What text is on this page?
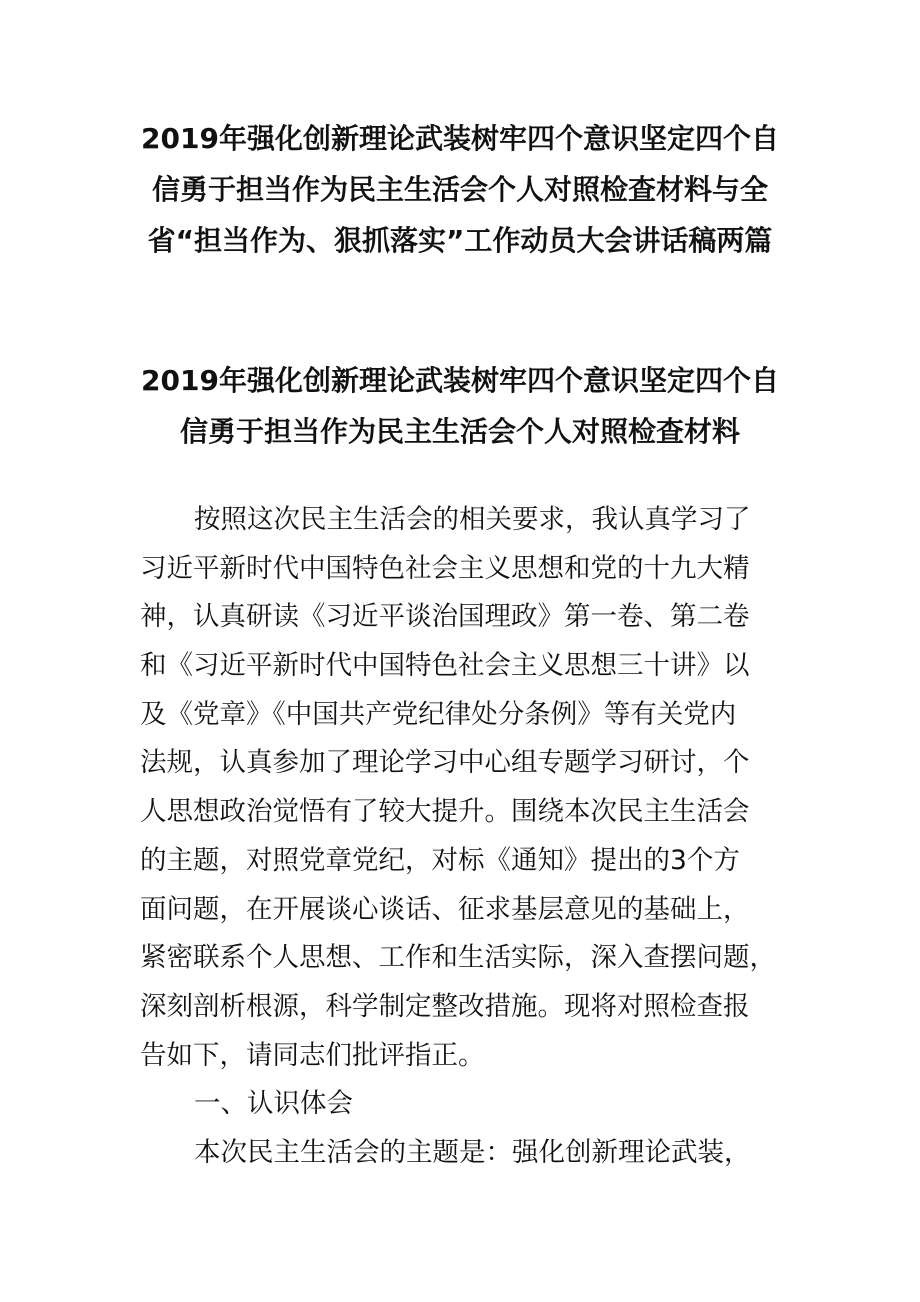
2019年强化创新理论武装树牢四个意识坚定四个自
信勇于担当作为民主生活会个人对照检查材料与全
省“担当作为、狠抓落实”工作动员大会讲话稿两篇
2019年强化创新理论武装树牢四个意识坚定四个自
信勇于担当作为民主生活会个人对照检查材料
按照这次民主生活会的相关要求，我认真学习了
习近平新时代中国特色社会主义思想和党的十九大精
神，认真研读《习近平谈治国理政》第一卷、第二卷
和《习近平新时代中国特色社会主义思想三十讲》以
及《党章》《中国共产党纪律处分条例》等有关党内
法规，认真参加了理论学习中心组专题学习研讨，个
人思想政治觉悟有了较大提升。围绕本次民主生活会
的主题，对照党章党纪，对标《通知》提出的3个方
面问题，在开展谈心谈话、征求基层意见的基础上，
紧密联系个人思想、工作和生活实际，深入查摆问题，
深刻剖析根源，科学制定整改措施。现将对照检查报
告如下，请同志们批评指正。
一、认识体会
本次民主生活会的主题是：强化创新理论武装，
